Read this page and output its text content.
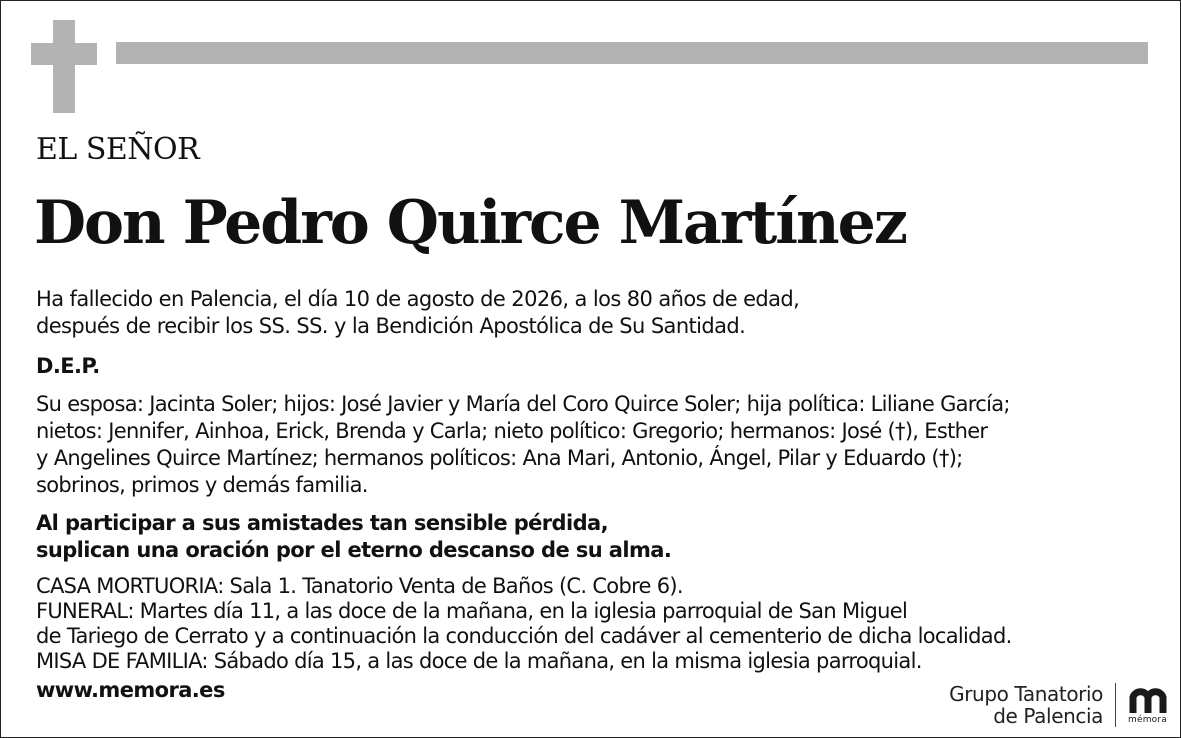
EL SEÑOR
Don Pedro Quirce Martínez
Ha fallecido en Palencia, el día 10 de agosto de 2026, a los 80 años de edad,
después de recibir los SS. SS. y la Bendición Apostólica de Su Santidad.
D.E.P.
Su esposa: Jacinta Soler; hijos: José Javier y María del Coro Quirce Soler; hija política: Liliane García;
nietos: Jennifer, Ainhoa, Erick, Brenda y Carla; nieto político: Gregorio; hermanos: José (†), Esther
y Angelines Quirce Martínez; hermanos políticos: Ana Mari, Antonio, Ángel, Pilar y Eduardo (†);
sobrinos, primos y demás familia.
Al participar a sus amistades tan sensible pérdida,
suplican una oración por el eterno descanso de su alma.
CASA MORTUORIA: Sala 1. Tanatorio Venta de Baños (C. Cobre 6).
FUNERAL: Martes día 11, a las doce de la mañana, en la iglesia parroquial de San Miguel
de Tariego de Cerrato y a continuación la conducción del cadáver al cementerio de dicha localidad.
MISA DE FAMILIA: Sábado día 15, a las doce de la mañana, en la misma iglesia parroquial.
www.memora.es	Grupo Tanatorio
de Palencia	mémora
